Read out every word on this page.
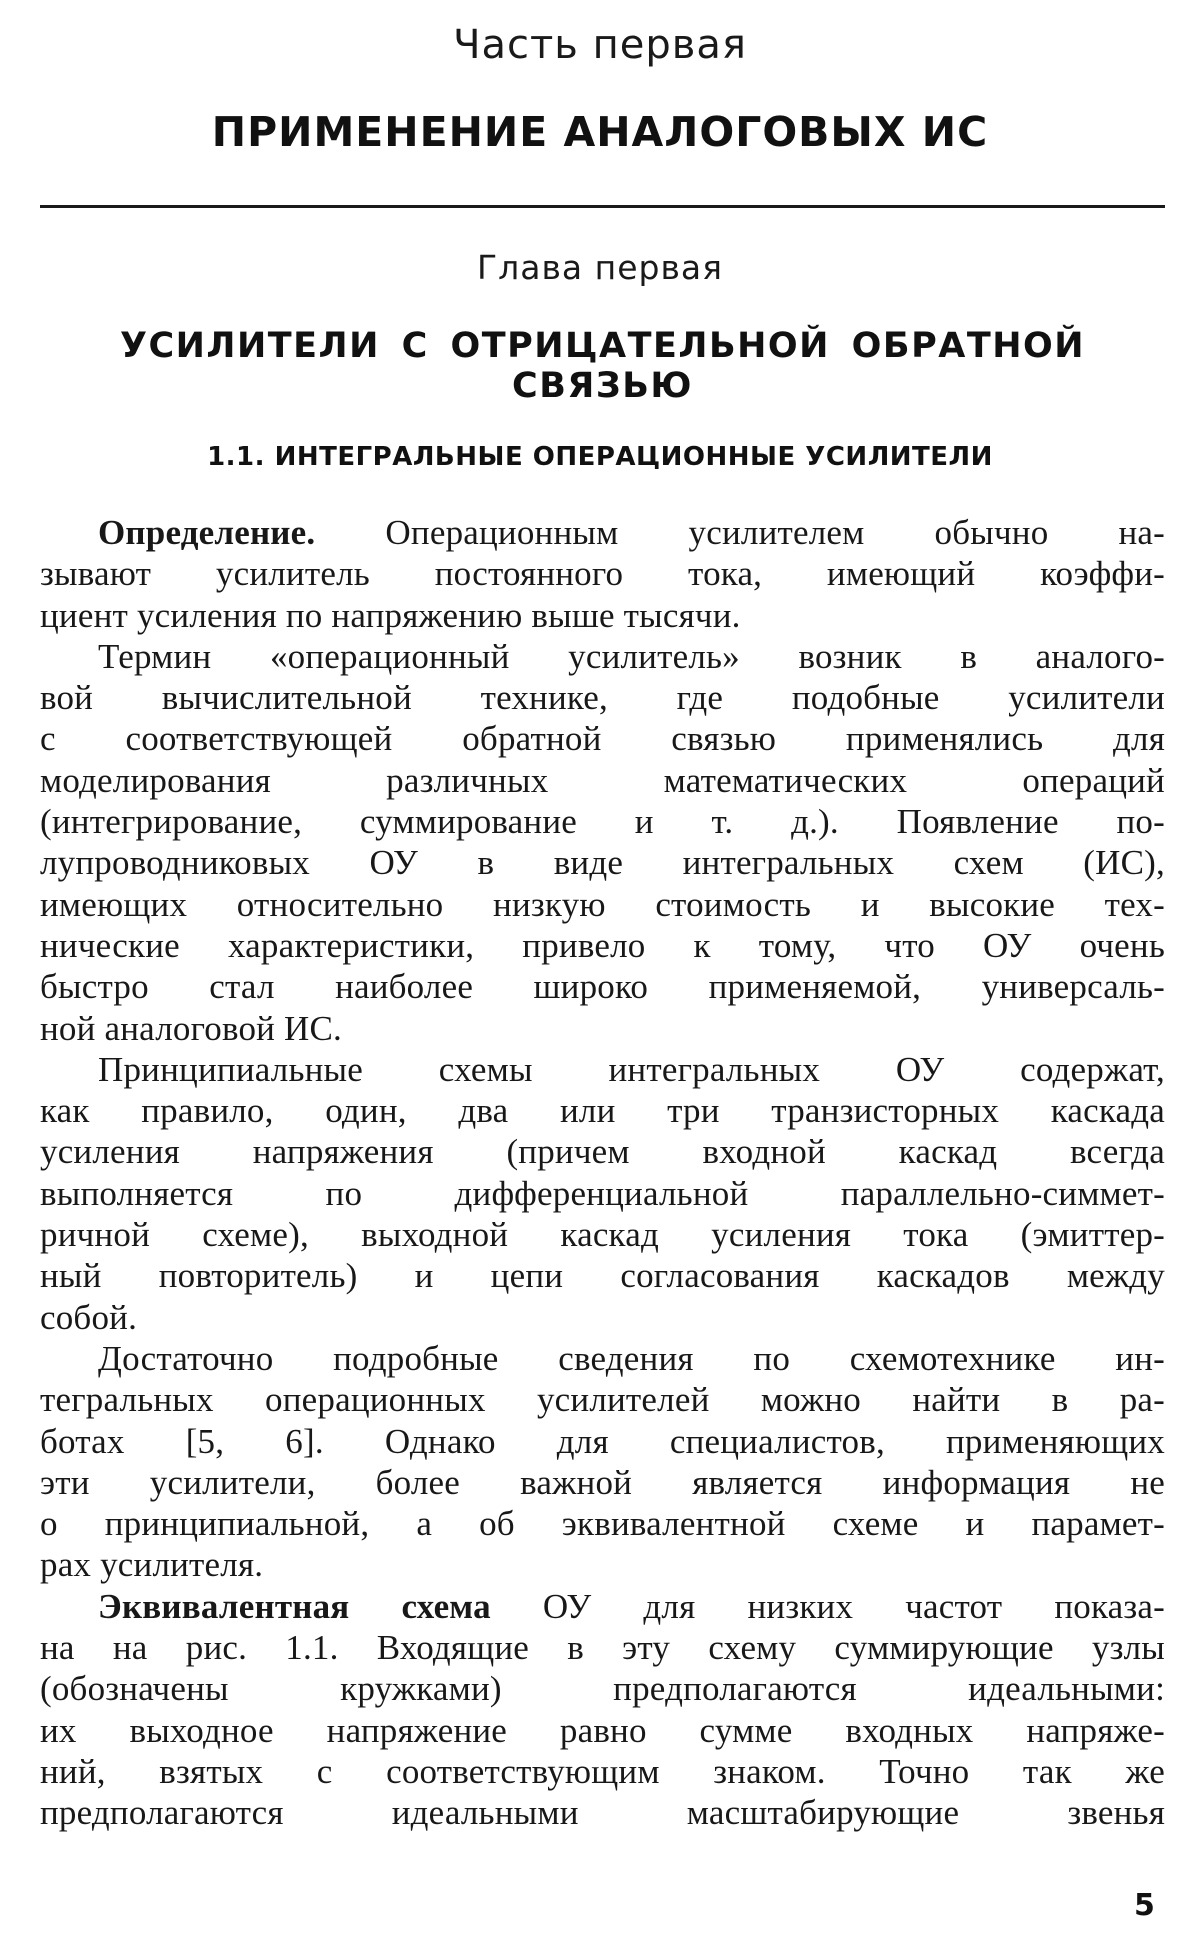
Часть первая
ПРИМЕНЕНИЕ АНАЛОГОВЫХ ИС
Глава первая
УСИЛИТЕЛИ С ОТРИЦАТЕЛЬНОЙ ОБРАТНОЙ СВЯЗЬЮ
1.1. ИНТЕГРАЛЬНЫЕ ОПЕРАЦИОННЫЕ УСИЛИТЕЛИ
Определение. Операционным усилителем обычно на-
зывают усилитель постоянного тока, имеющий коэффи-
циент усиления по напряжению выше тысячи.
Термин «операционный усилитель» возник в аналого-
вой вычислительной технике, где подобные усилители
с соответствующей обратной связью применялись для
моделирования различных математических операций
(интегрирование, суммирование и т. д.). Появление по-
лупроводниковых ОУ в виде интегральных схем (ИС),
имеющих относительно низкую стоимость и высокие тех-
нические характеристики, привело к тому, что ОУ очень
быстро стал наиболее широко применяемой, универсаль-
ной аналоговой ИС.
Принципиальные схемы интегральных ОУ содержат,
как правило, один, два или три транзисторных каскада
усиления напряжения (причем входной каскад всегда
выполняется по дифференциальной параллельно-симмет-
ричной схеме), выходной каскад усиления тока (эмиттер-
ный повторитель) и цепи согласования каскадов между
собой.
Достаточно подробные сведения по схемотехнике ин-
тегральных операционных усилителей можно найти в ра-
ботах [5, 6]. Однако для специалистов, применяющих
эти усилители, более важной является информация не
о принципиальной, а об эквивалентной схеме и парамет-
рах усилителя.
Эквивалентная схема ОУ для низких частот показа-
на на рис. 1.1. Входящие в эту схему суммирующие узлы
(обозначены кружками) предполагаются идеальными:
их выходное напряжение равно сумме входных напряже-
ний, взятых с соответствующим знаком. Точно так же
предполагаются идеальными масштабирующие звенья
5
